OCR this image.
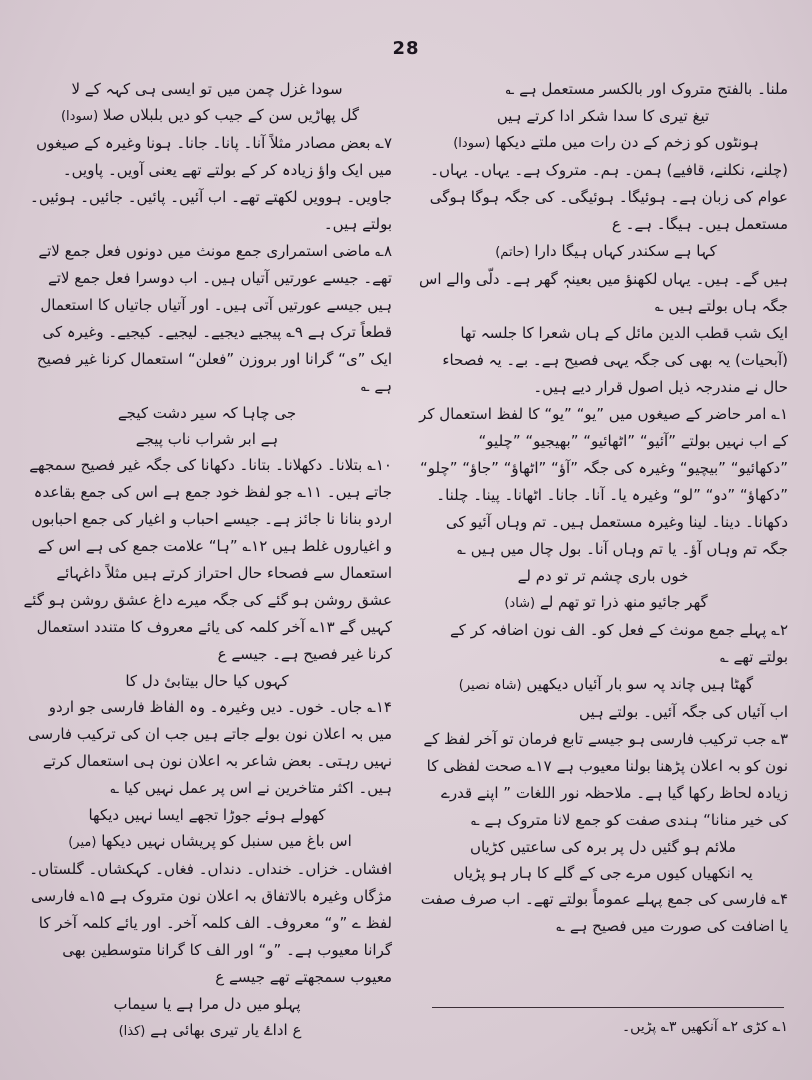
28

ملنا۔ بالفتح متروک اور بالکسر مستعمل ہے ؎

تیغ تیری کا سدا شکر ادا کرتے ہیں
ہونٹوں کو زخم کے دن رات میں ملتے دیکھا (سودا)

(چلنے، نکلنے، قافیے) ہمن۔ ہم۔ متروک ہے۔ یہاں۔ یہاں۔ عوام کی زبان ہے۔ ہوئیگا۔ ہوئیگی۔ کی جگہ ہوگا ہوگی مستعمل ہیں۔ ہیگا۔ ہے۔ ع

کہا ہے سکندر کہاں ہیگا دارا (حاتم)

ہیں گے۔ ہیں۔ یہاں لکھنؤ میں بعینہٖ گھر ہے۔ دلّی والے اس جگہ ہاں بولتے ہیں ؎

ایک شب قطب الدین مائل کے ہاں شعرا کا جلسہ تھا (آبحیات) یہ بھی کی جگہ یہی فصیح ہے۔ بے۔ یہ فصحاء حال نے مندرجہ ذیل اصول قرار دیے ہیں۔

۱؎ امر حاضر کے صیغوں میں ”یو“ ”یو“ کا لفظ استعمال کر کے اب نہیں بولتے ”آئیو“ ”اٹھائیو“ ”بھیجیو“ ”چلیو“ ”دکھائیو“ ”بیچیو“ وغیرہ کی جگہ ”آؤ“ ”اٹھاؤ“ ”جاؤ“ ”چلو“ ”دکھاؤ“ ”دو“ ”لو“ وغیرہ یا۔ آنا۔ جانا۔ اٹھانا۔ پینا۔ چلنا۔ دکھانا۔ دینا۔ لینا وغیرہ مستعمل ہیں۔ تم وہاں آئیو کی جگہ تم وہاں آؤ۔ یا تم وہاں آنا۔ بول چال میں ہیں ؎

خوں باری چشم تر تو دم لے
گھر جائیو منھ ذرا تو تھم لے (شاد)

۲؎ پہلے جمع مونث کے فعل کو۔ الف نون اضافہ کر کے بولتے تھے ؎

گھٹا ہیں چاند پہ سو بار آئیاں دیکھیں (شاہ نصیر)

اب آئیاں کی جگہ آئیں۔ بولتے ہیں

۳؎ جب ترکیب فارسی ہو جیسے تابع فرمان تو آخر لفظ کے نون کو بہ اعلان پڑھنا بولنا معیوب ہے ۱۷؎ صحت لفظی کا زیادہ لحاظ رکھا گیا ہے۔ ملاحظہ نور اللغات ” اپنے قدرے کی خیر منانا“ ہندی صفت کو جمع لانا متروک ہے ؎

ملائم ہو گئیں دل پر برہ کی ساعتیں کڑیاں
یہ انکھیاں کیوں مرے جی کے گلے کا ہار ہو پڑیاں

۴؎ فارسی کی جمع پہلے عموماً بولتے تھے۔ اب صرف صفت یا اضافت کی صورت میں فصیح ہے ؎

سودا غزل چمن میں تو ایسی ہی کہہ کے لا
گل پھاڑیں سن کے جیب کو دیں بلبلاں صلا (سودا)

۷؎ بعض مصادر مثلاً آنا۔ پانا۔ جانا۔ ہونا وغیرہ کے صیغوں میں ایک واؤ زیادہ کر کے بولتے تھے یعنی آویں۔ پاویں۔ جاویں۔ ہوویں لکھتے تھے۔ اب آئیں۔ پائیں۔ جائیں۔ ہوئیں۔ بولتے ہیں۔

۸؎ ماضی استمراری جمع مونث میں دونوں فعل جمع لاتے تھے۔ جیسے عورتیں آتیاں ہیں۔ اب دوسرا فعل جمع لاتے ہیں جیسے عورتیں آتی ہیں۔ اور آتیاں جاتیاں کا استعمال قطعاً ترک ہے ۹؎ پیجیے دیجیے۔ لیجیے۔ کیجیے۔ وغیرہ کی ایک ”ی“ گرانا اور بروزن ”فعلن“ استعمال کرنا غیر فصیح ہے ؎

جی چاہا کہ سیر دشت کیجے
ہے ابر شراب ناب پیجے

۱۰؎ بتلانا۔ دکھلانا۔ بتانا۔ دکھانا کی جگہ غیر فصیح سمجھے جاتے ہیں۔ ۱۱؎ جو لفظ خود جمع ہے اس کی جمع بقاعدہ اردو بنانا نا جائز ہے۔ جیسے احباب و اغیار کی جمع احبابوں و اغیاروں غلط ہیں ۱۲؎ ”ہا“ علامت جمع کی ہے اس کے استعمال سے فصحاء حال احتراز کرتے ہیں مثلاً داغہائے عشق روشن ہو گئے کی جگہ میرے داغ عشق روشن ہو گئے کہیں گے ۱۳؎ آخر کلمہ کی یائے معروف کا متندد استعمال کرنا غیر فصیح ہے۔ جیسے ع

کہوں کیا حال بیتابیٔ دل کا

۱۴؎ جاں۔ خوں۔ دیں وغیرہ۔ وہ الفاظ فارسی جو اردو میں بہ اعلان نون بولے جاتے ہیں جب ان کی ترکیب فارسی نہیں رہتی۔ بعض شاعر بہ اعلان نون ہی استعمال کرتے ہیں۔ اکثر متاخرین نے اس پر عمل نہیں کیا ؎

کھولے ہوئے جوڑا تجھے ایسا نہیں دیکھا
اس باغ میں سنبل کو پریشاں نہیں دیکھا (میر)

افشاں۔ خزاں۔ خنداں۔ دنداں۔ فغاں۔ کہکشاں۔ گلستاں۔ مژگاں وغیرہ بالاتفاق بہ اعلان نون متروک ہے ۱۵؎ فارسی لفظ ے ”و“ معروف۔ الف کلمہ آخر۔ اور یائے کلمہ آخر کا گرانا معیوب ہے۔ ”و“ اور الف کا گرانا متوسطین بھی معیوب سمجھتے تھے جیسے ع

پہلو میں دل مرا ہے یا سیماب
ع اداۓ یار تیری بھائی ہے (کذا)	۱؎ کڑی ۲؎ آنکھیں ۳؎ پڑیں۔
